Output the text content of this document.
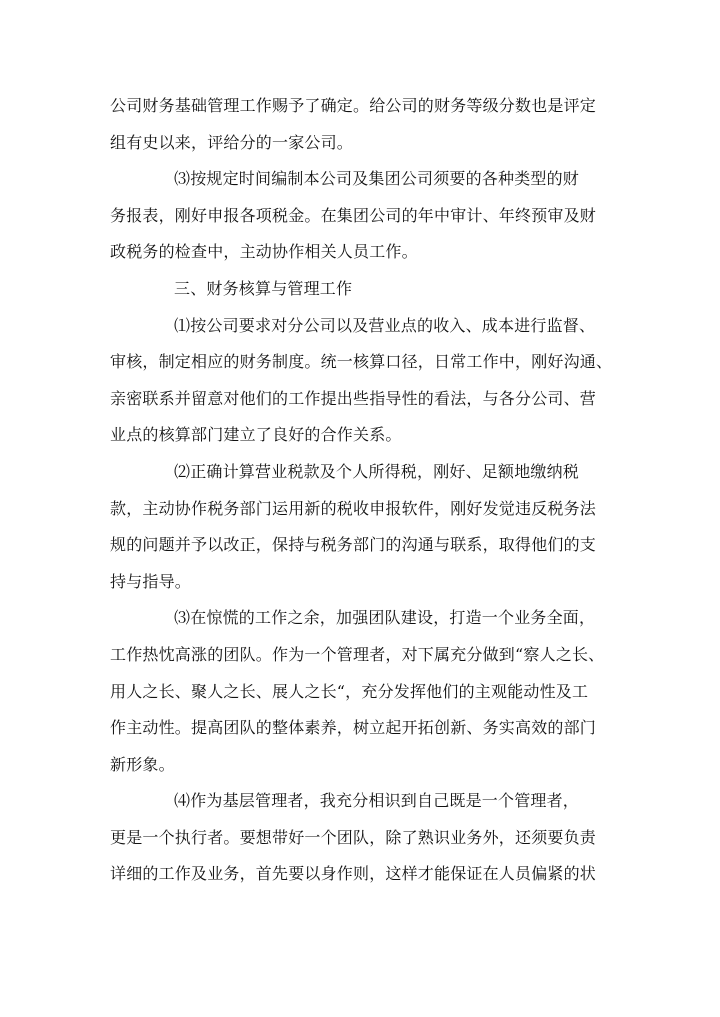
公司财务基础管理工作赐予了确定。给公司的财务等级分数也是评定
组有史以来，评给分的一家公司。
⑶按规定时间编制本公司及集团公司须要的各种类型的财
务报表，刚好申报各项税金。在集团公司的年中审计、年终预审及财
政税务的检查中，主动协作相关人员工作。
三、财务核算与管理工作
⑴按公司要求对分公司以及营业点的收入、成本进行监督、
审核，制定相应的财务制度。统一核算口径，日常工作中，刚好沟通、
亲密联系并留意对他们的工作提出些指导性的看法，与各分公司、营
业点的核算部门建立了良好的合作关系。
⑵正确计算营业税款及个人所得税，刚好、足额地缴纳税
款，主动协作税务部门运用新的税收申报软件，刚好发觉违反税务法
规的问题并予以改正，保持与税务部门的沟通与联系，取得他们的支
持与指导。
⑶在惊慌的工作之余，加强团队建设，打造一个业务全面，
工作热忱高涨的团队。作为一个管理者，对下属充分做到“察人之长、
用人之长、聚人之长、展人之长“，充分发挥他们的主观能动性及工
作主动性。提高团队的整体素养，树立起开拓创新、务实高效的部门
新形象。
⑷作为基层管理者，我充分相识到自己既是一个管理者，
更是一个执行者。要想带好一个团队，除了熟识业务外，还须要负责
详细的工作及业务，首先要以身作则，这样才能保证在人员偏紧的状
